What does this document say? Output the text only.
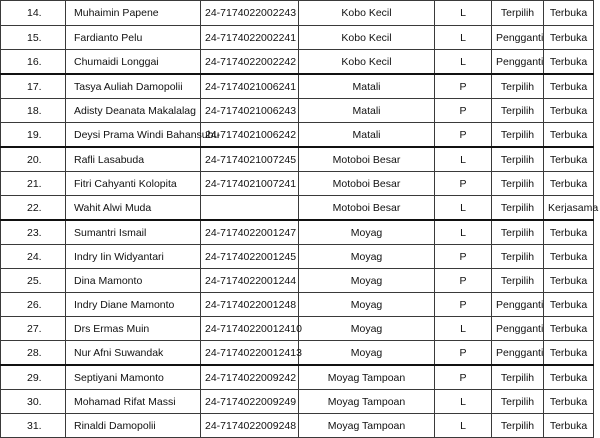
14.	Muhaimin Papene	24-7174022002243	Kobo Kecil	L	Terpilih	Terbuka
15.	Fardianto Pelu	24-7174022002241	Kobo Kecil	L	Pengganti	Terbuka
16.	Chumaidi Longgai	24-7174022002242	Kobo Kecil	L	Pengganti	Terbuka
17.	Tasya Auliah Damopolii	24-7174021006241	Matali	P	Terpilih	Terbuka
18.	Adisty Deanata Makalalag	24-7174021006243	Matali	P	Terpilih	Terbuka
19.	Deysi Prama Windi Bahansubu	24-7174021006242	Matali	P	Terpilih	Terbuka
20.	Rafli Lasabuda	24-7174021007245	Motoboi Besar	L	Terpilih	Terbuka
21.	Fitri Cahyanti Kolopita	24-7174021007241	Motoboi Besar	P	Terpilih	Terbuka
22.	Wahit Alwi Muda		Motoboi Besar	L	Terpilih	Kerjasama
23.	Sumantri Ismail	24-7174022001247	Moyag	L	Terpilih	Terbuka
24.	Indry Iin Widyantari	24-7174022001245	Moyag	P	Terpilih	Terbuka
25.	Dina Mamonto	24-7174022001244	Moyag	P	Terpilih	Terbuka
26.	Indry Diane Mamonto	24-7174022001248	Moyag	P	Pengganti	Terbuka
27.	Drs Ermas Muin	24-71740220012410	Moyag	L	Pengganti	Terbuka
28.	Nur Afni Suwandak	24-71740220012413	Moyag	P	Pengganti	Terbuka
29.	Septiyani Mamonto	24-7174022009242	Moyag Tampoan	P	Terpilih	Terbuka
30.	Mohamad Rifat Massi	24-7174022009249	Moyag Tampoan	L	Terpilih	Terbuka
31.	Rinaldi Damopolii	24-7174022009248	Moyag Tampoan	L	Terpilih	Terbuka
